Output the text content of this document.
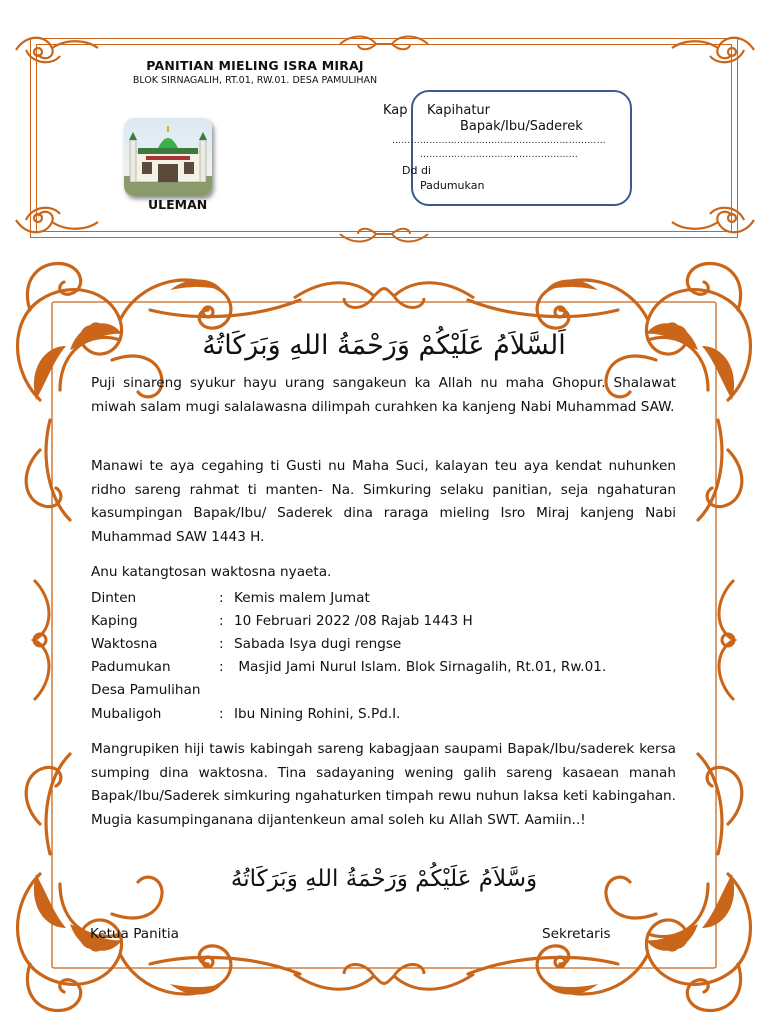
PANITIAN MIELING ISRA MIRAJ
BLOK SIRNAGALIH, RT.01, RW.01. DESA PAMULIHAN
ULEMAN
Kap Kapihatur
Bapak/Ibu/Saderek
……………………………………………………………
……………………………………………
Dd di
Padumukan
اَلسَّلاَمُ عَلَيْكُمْ وَرَحْمَةُ اللهِ وَبَرَكَاتُهُ
Puji sinareng syukur hayu urang sangakeun ka Allah nu maha Ghopur. Shalawat miwah salam mugi salalawasna dilimpah curahken ka kanjeng Nabi Muhammad SAW.
Manawi te aya cegahing ti Gusti nu Maha Suci, kalayan teu aya kendat nuhunken ridho sareng rahmat ti manten- Na. Simkuring selaku panitian, seja ngahaturan kasumpingan Bapak/Ibu/ Saderek dina raraga mieling Isro Miraj kanjeng Nabi Muhammad SAW 1443 H.
Anu katangtosan waktosna nyaeta.
Dinten	: Kemis malem Jumat
Kaping	: 10 Februari 2022 /08 Rajab 1443 H
Waktosna	: Sabada Isya dugi rengse
Padumukan	: Masjid Jami Nurul Islam. Blok Sirnagalih, Rt.01, Rw.01.
Desa Pamulihan
Mubaligoh	: Ibu Nining Rohini, S.Pd.I.
Mangrupiken hiji tawis kabingah sareng kabagjaan saupami Bapak/Ibu/saderek kersa sumping dina waktosna. Tina sadayaning wening galih sareng kasaean manah Bapak/Ibu/Saderek simkuring ngahaturken timpah rewu nuhun laksa keti kabingahan. Mugia kasumpinganana dijantenkeun amal soleh ku Allah SWT. Aamiin..!
وَسَّلاَمُ عَلَيْكُمْ وَرَحْمَةُ اللهِ وَبَرَكَاتُهُ
Ketua Panitia	Sekretaris
